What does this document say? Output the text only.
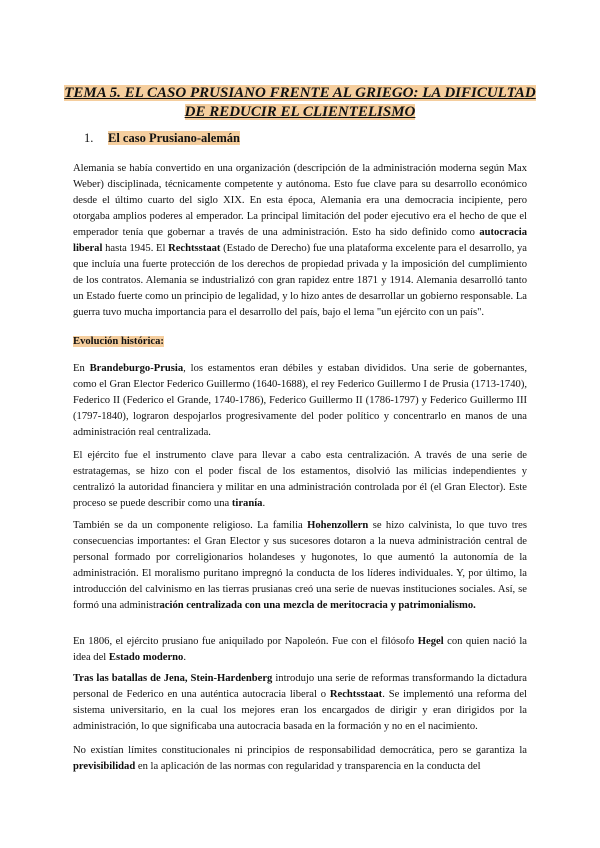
TEMA 5. EL CASO PRUSIANO FRENTE AL GRIEGO: LA DIFICULTAD DE REDUCIR EL CLIENTELISMO
1. El caso Prusiano-alemán
Alemania se había convertido en una organización (descripción de la administración moderna según Max Weber) disciplinada, técnicamente competente y autónoma. Esto fue clave para su desarrollo económico desde el último cuarto del siglo XIX. En esta época, Alemania era una democracia incipiente, pero otorgaba amplios poderes al emperador. La principal limitación del poder ejecutivo era el hecho de que el emperador tenía que gobernar a través de una administración. Esto ha sido definido como autocracia liberal hasta 1945. El Rechtsstaat (Estado de Derecho) fue una plataforma excelente para el desarrollo, ya que incluía una fuerte protección de los derechos de propiedad privada y la imposición del cumplimiento de los contratos. Alemania se industrializó con gran rapidez entre 1871 y 1914. Alemania desarrolló tanto un Estado fuerte como un principio de legalidad, y lo hizo antes de desarrollar un gobierno responsable. La guerra tuvo mucha importancia para el desarrollo del país, bajo el lema "un ejército con un país".
Evolución histórica:
En Brandeburgo-Prusia, los estamentos eran débiles y estaban divididos. Una serie de gobernantes, como el Gran Elector Federico Guillermo (1640-1688), el rey Federico Guillermo I de Prusia (1713-1740), Federico II (Federico el Grande, 1740-1786), Federico Guillermo II (1786-1797) y Federico Guillermo III (1797-1840), lograron despojarlos progresivamente del poder político y concentrarlo en manos de una administración real centralizada.
El ejército fue el instrumento clave para llevar a cabo esta centralización. A través de una serie de estratagemas, se hizo con el poder fiscal de los estamentos, disolvió las milicias independientes y centralizó la autoridad financiera y militar en una administración controlada por él (el Gran Elector). Este proceso se puede describir como una tiranía.
También se da un componente religioso. La familia Hohenzollern se hizo calvinista, lo que tuvo tres consecuencias importantes: el Gran Elector y sus sucesores dotaron a la nueva administración central de personal formado por correligionarios holandeses y hugonotes, lo que aumentó la autonomía de la administración. El moralismo puritano impregnó la conducta de los líderes individuales. Y, por último, la introducción del calvinismo en las tierras prusianas creó una serie de nuevas instituciones sociales. Así, se formó una administración centralizada con una mezcla de meritocracia y patrimonialismo.
En 1806, el ejército prusiano fue aniquilado por Napoleón. Fue con el filósofo Hegel con quien nació la idea del Estado moderno.
Tras las batallas de Jena, Stein-Hardenberg introdujo una serie de reformas transformando la dictadura personal de Federico en una auténtica autocracia liberal o Rechtsstaat. Se implementó una reforma del sistema universitario, en la cual los mejores eran los encargados de dirigir y eran dirigidos por la administración, lo que significaba una autocracia basada en la formación y no en el nacimiento.
No existían límites constitucionales ni principios de responsabilidad democrática, pero se garantiza la previsibilidad en la aplicación de las normas con regularidad y transparencia en la conducta del
